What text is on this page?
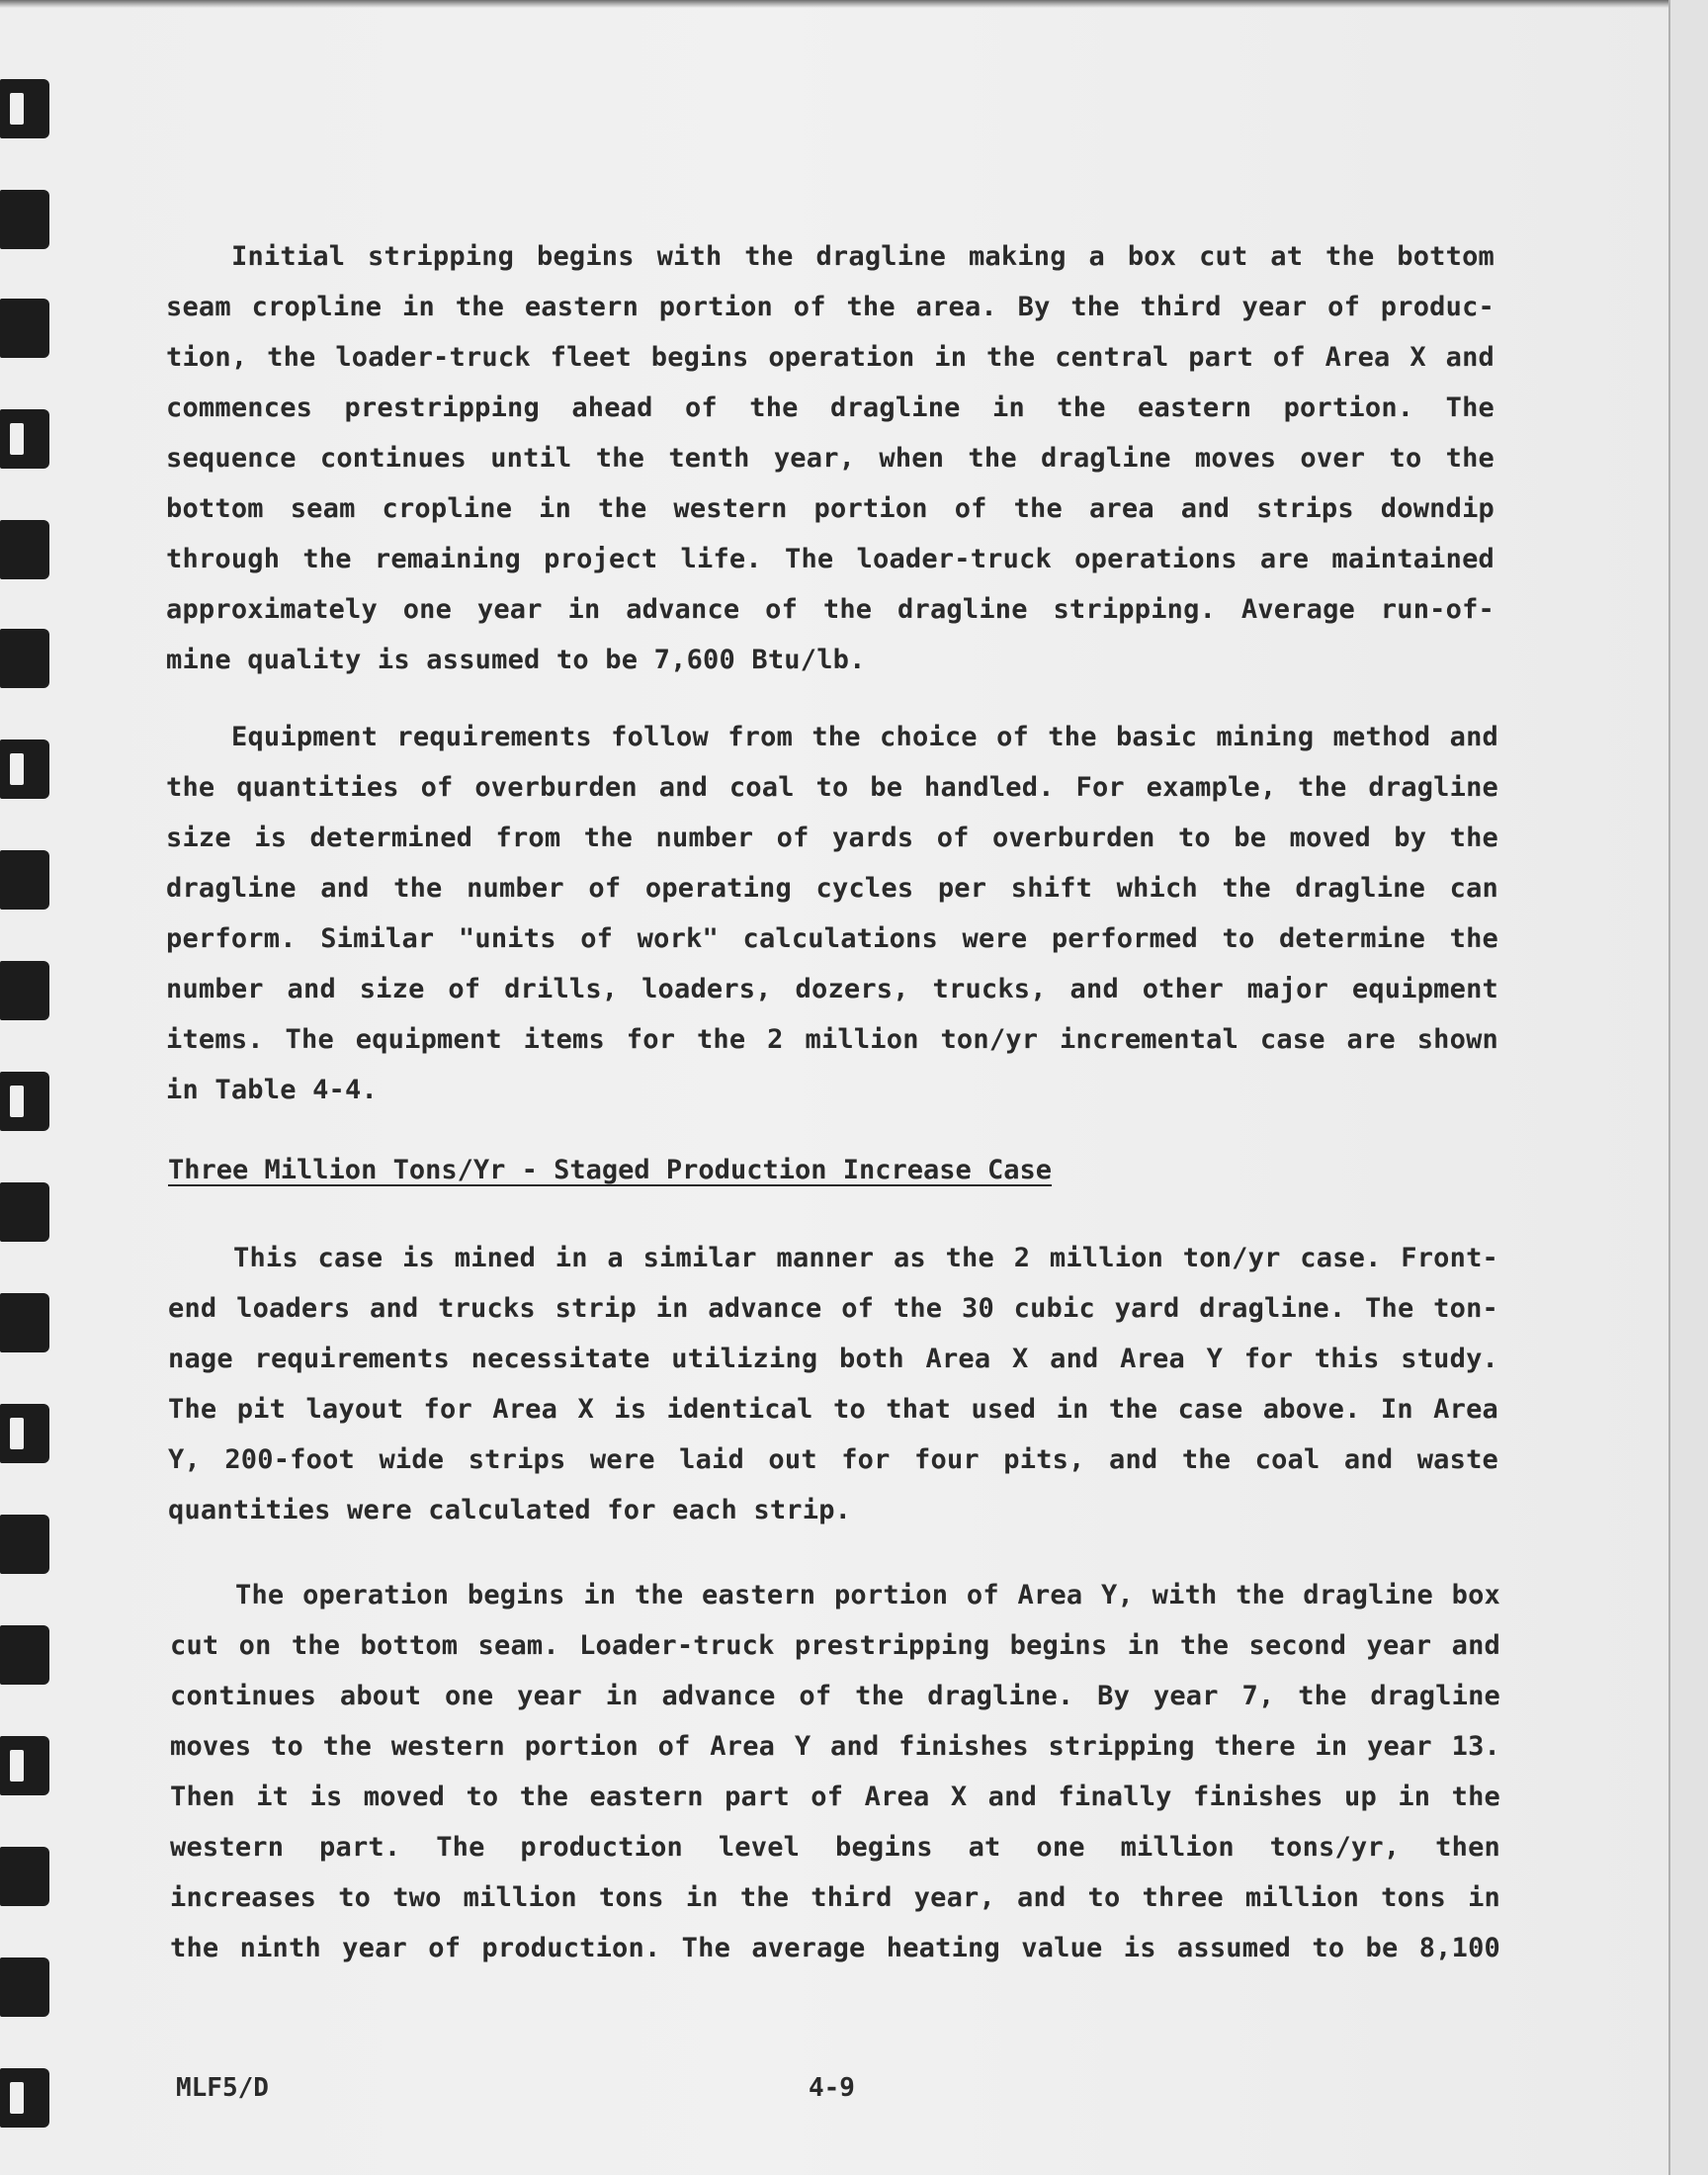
Initial stripping begins with the dragline making a box cut at the bottom
seam cropline in the eastern portion of the area. By the third year of produc-
tion, the loader-truck fleet begins operation in the central part of Area X and
commences prestripping ahead of the dragline in the eastern portion. The
sequence continues until the tenth year, when the dragline moves over to the
bottom seam cropline in the western portion of the area and strips downdip
through the remaining project life. The loader-truck operations are maintained
approximately one year in advance of the dragline stripping. Average run-of-
mine quality is assumed to be 7,600 Btu/lb.
Equipment requirements follow from the choice of the basic mining method and
the quantities of overburden and coal to be handled. For example, the dragline
size is determined from the number of yards of overburden to be moved by the
dragline and the number of operating cycles per shift which the dragline can
perform. Similar "units of work" calculations were performed to determine the
number and size of drills, loaders, dozers, trucks, and other major equipment
items. The equipment items for the 2 million ton/yr incremental case are shown
in Table 4-4.
Three Million Tons/Yr - Staged Production Increase Case
This case is mined in a similar manner as the 2 million ton/yr case. Front-
end loaders and trucks strip in advance of the 30 cubic yard dragline. The ton-
nage requirements necessitate utilizing both Area X and Area Y for this study.
The pit layout for Area X is identical to that used in the case above. In Area
Y, 200-foot wide strips were laid out for four pits, and the coal and waste
quantities were calculated for each strip.
The operation begins in the eastern portion of Area Y, with the dragline box
cut on the bottom seam. Loader-truck prestripping begins in the second year and
continues about one year in advance of the dragline. By year 7, the dragline
moves to the western portion of Area Y and finishes stripping there in year 13.
Then it is moved to the eastern part of Area X and finally finishes up in the
western part. The production level begins at one million tons/yr, then
increases to two million tons in the third year, and to three million tons in
the ninth year of production. The average heating value is assumed to be 8,100
MLF5/D	4-9
